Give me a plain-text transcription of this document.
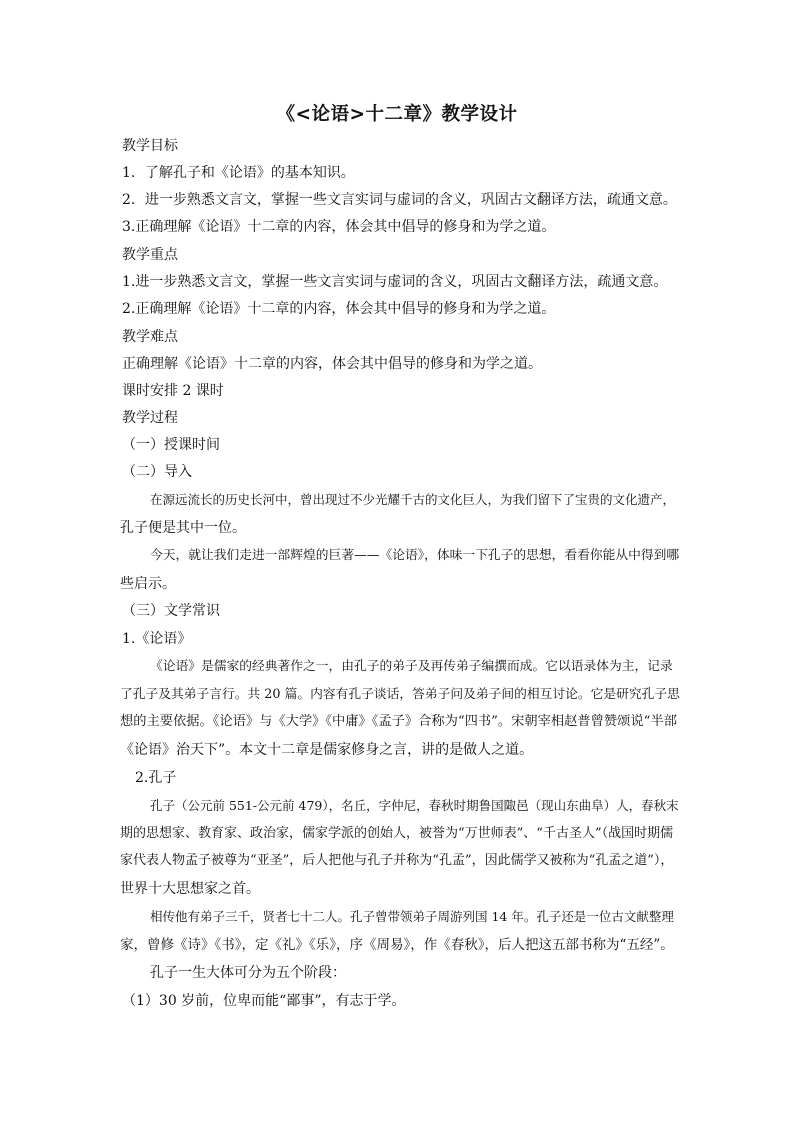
《<论语>十二章》教学设计
教学目标
1．了解孔子和《论语》的基本知识。
2．进一步熟悉文言文，掌握一些文言实词与虚词的含义，巩固古文翻译方法，疏通文意。
3.正确理解《论语》十二章的内容，体会其中倡导的修身和为学之道。
教学重点
1.进一步熟悉文言文，掌握一些文言实词与虚词的含义，巩固古文翻译方法，疏通文意。
2.正确理解《论语》十二章的内容，体会其中倡导的修身和为学之道。
教学难点
正确理解《论语》十二章的内容，体会其中倡导的修身和为学之道。
课时安排 2 课时
教学过程
（一）授课时间
（二）导入
在源远流长的历史长河中，曾出现过不少光耀千古的文化巨人，为我们留下了宝贵的文化遗产，
孔子便是其中一位。
今天，就让我们走进一部辉煌的巨著——《论语》，体味一下孔子的思想，看看你能从中得到哪
些启示。
（三）文学常识
1.《论语》
《论语》是儒家的经典著作之一，由孔子的弟子及再传弟子编撰而成。它以语录体为主，记录
了孔子及其弟子言行。共 20 篇。内容有孔子谈话，答弟子问及弟子间的相互讨论。它是研究孔子思
想的主要依据。《论语》与《大学》《中庸》《孟子》合称为“四书”。宋朝宰相赵普曾赞颂说“半部
《论语》治天下”。本文十二章是儒家修身之言，讲的是做人之道。
2.孔子
孔子（公元前 551-公元前 479），名丘，字仲尼，春秋时期鲁国陬邑（现山东曲阜）人，春秋末
期的思想家、教育家、政治家，儒家学派的创始人，被誉为“万世师表”、“千古圣人”（战国时期儒
家代表人物孟子被尊为“亚圣”，后人把他与孔子并称为“孔孟”，因此儒学又被称为“孔孟之道”），
世界十大思想家之首。
相传他有弟子三千，贤者七十二人。孔子曾带领弟子周游列国 14 年。孔子还是一位古文献整理
家，曾修《诗》《书》，定《礼》《乐》，序《周易》，作《春秋》，后人把这五部书称为“五经”。
孔子一生大体可分为五个阶段：
（1）30 岁前，位卑而能“鄙事”，有志于学。
